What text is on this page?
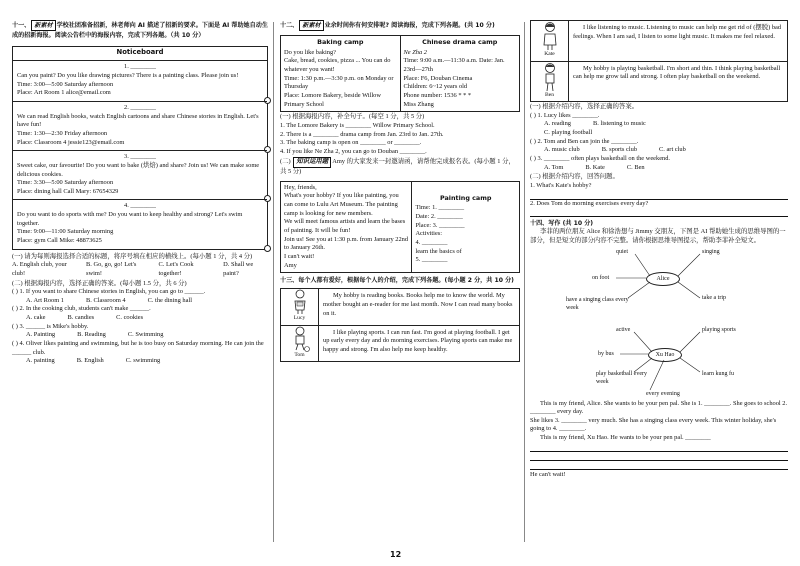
十一、 新素材 学校社团准备招新，林老师向 AI 描述了招新的要求。下面是 AI 帮助她自动生成的招新海报。阅读公告栏中的海报内容，完成下列各题。（共 10 分）
Noticeboard
1. ________
Can you paint? Do you like drawing pictures? There is a painting class. Please join us!
Time: 3:00—5:00 Saturday afternoon
Place: Art Room 1 alice@email.com
2. ________
We can read English books, watch English cartoons and share Chinese stories in English. Let's have fun!
Time: 1:30—2:30 Friday afternoon
Place: Classroom 4 jessie123@email.com
3. ________
Sweet cake, our favourite! Do you want to bake (烘焙) and share? Join us! We can make some delicious cookies.
Time: 3:30—5:00 Saturday afternoon
Place: dining hall Call Mary: 67654329
4. ________
Do you want to do sports with me? Do you want to keep healthy and strong? Let's swim together.
Time: 9:00—11:00 Saturday morning
Place: gym Call Mike: 48873625
(一) 请为每则海报选择合适的标题，将序号填在相应的横线上。(每小题 1 分，共 4 分)
A. English club, your club!
B. Go, go, go! Let's swim!
C. Let's Cook together!
D. Shall we paint?
(二) 根据海报内容，选择正确的答案。(每小题 1.5 分，共 6 分)
( ) 1. If you want to share Chinese stories in English, you can go to ______.
A. Art Room 1	B. Classroom 4	C. the dining hall
( ) 2. In the cooking club, students can't make ______.
A. cake	B. candies	C. cookies
( ) 3. ______ is Mike's hobby.
A. Painting	B. Reading	C. Swimming
( ) 4. Oliver likes painting and swimming, but he is too busy on Saturday morning. He can join the ______ club.
A. painting	B. English	C. swimming
十二、 新素材 业余时间你有何安排呢? 阅读海报，完成下列各题。(共 10 分)
Baking camp
Do you like baking?
Cake, bread, cookies, pizza ... You can do whatever you want!
Time: 1:30 p.m.—3:30 p.m. on Monday or Thursday
Place: Lomore Bakery, beside Willow Primary School

Chinese drama camp
Ne Zha 2
Time: 9:00 a.m.—11:30 a.m. Date: Jan. 23rd—27th
Place: F6, Douban Cinema
Children: 6~12 years old
Phone number: 1536 * * *
Miss Zhang
(一) 根据海报内容，补全句子。(每空 1 分，共 5 分)
1. The Lomore Bakery is ________ Willow Primary School.
2. There is a ________ drama camp from Jan. 23rd to Jan. 27th.
3. The baking camp is open on ________ or ________.
4. If you like Ne Zha 2, you can go to Douban ________.
(二) 知识运用题 Amy 的大家发来一封邀请函，请帮他完成报名表。(每小题 1 分，共 5 分)
Hey, friends,
What's your hobby? If you like painting, you can come to Lulu Art Museum. The painting camp is looking for new members.
We will meet famous artists and learn the bases of painting. It will be fun!
Join us! See you at 1:30 p.m. from January 22nd to January 26th.
I can't wait!
Amy

Painting camp
Time: 1. ________
Date: 2. ________
Place: 3. ________
Activities:
4. ________
learn the basics of
5. ________
十三、每个人都有爱好，根据每个人的介绍，完成下列各题。(每小题 2 分，共 10 分)
Lucy
My hobby is reading books. Books help me to know the world. My mother bought an e-reader for me last month. Now I can read many books on it.
Tom
I like playing sports. I can run fast. I'm good at playing football. I get up early every day and do morning exercises. Playing sports can make me happy and strong. I'm also help me keep healthy.
Kate
I like listening to music. Listening to music can help me get rid of (摆脱) bad feelings. When I am sad, I listen to some light music. It makes me feel relaxed.
Ben
My hobby is playing basketball. I'm short and thin. I think playing basketball can help me grow tall and strong. I often play basketball on the weekend.
(一) 根据介绍内容，选择正确的答案。
( ) 1. Lucy likes ________.
A. reading	B. listening to music
C. playing football
( ) 2. Tom and Ben can join the ________.
A. music club	B. sports club	C. art club
( ) 3. ________ often plays basketball on the weekend.
A. Tom	B. Kate	C. Ben
(二) 根据介绍内容，回答问题。
1. What's Kate's hobby?
2. Does Tom do morning exercises every day?
十四、写作 (共 10 分)
李菲的两位朋友 Alice 和徐浩想与 Jimmy 交朋友，下图是 AI 帮助她生成的思维导图的一部分，但是短文的部分内容不完整。请你根据思维导图提示，帮助李菲补全短文。
quiet	singing
on foot	Alice
take a trip
have a singing class every week
active	playing sports
by bus	Xu Hao
play basketball every week
learn kung fu
every evening
This is my friend, Alice. She wants to be your pen pal. She is 1. ________. She goes to school 2. ________ every day.
She likes 3. ________ very much. She has a singing class every week. This winter holiday, she's going to 4. ________.
This is my friend, Xu Hao. He wants to be your pen pal. ________
He can't wait!
12
